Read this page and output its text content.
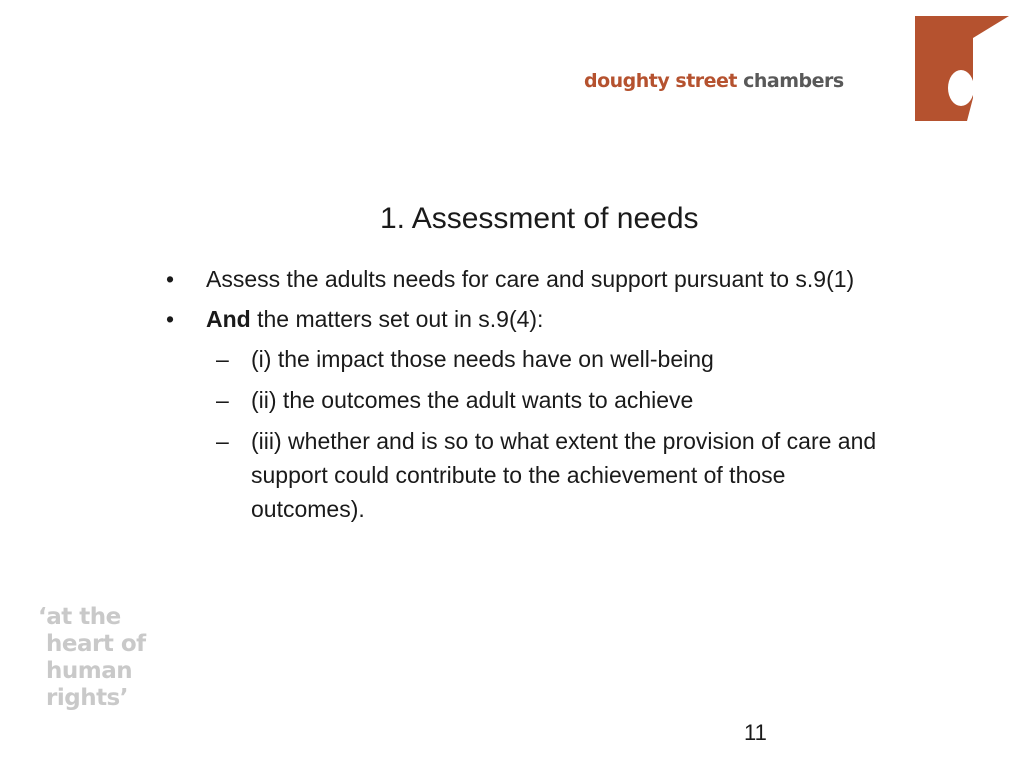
doughty street chambers
1. Assessment of needs
• Assess the adults needs for care and support pursuant to s.9(1)
• And the matters set out in s.9(4):
– (i) the impact those needs have on well-being
– (ii) the outcomes the adult wants to achieve
– (iii) whether and is so to what extent the provision of care and support could contribute to the achievement of those outcomes).
‘at the
heart of
human
rights’
11
